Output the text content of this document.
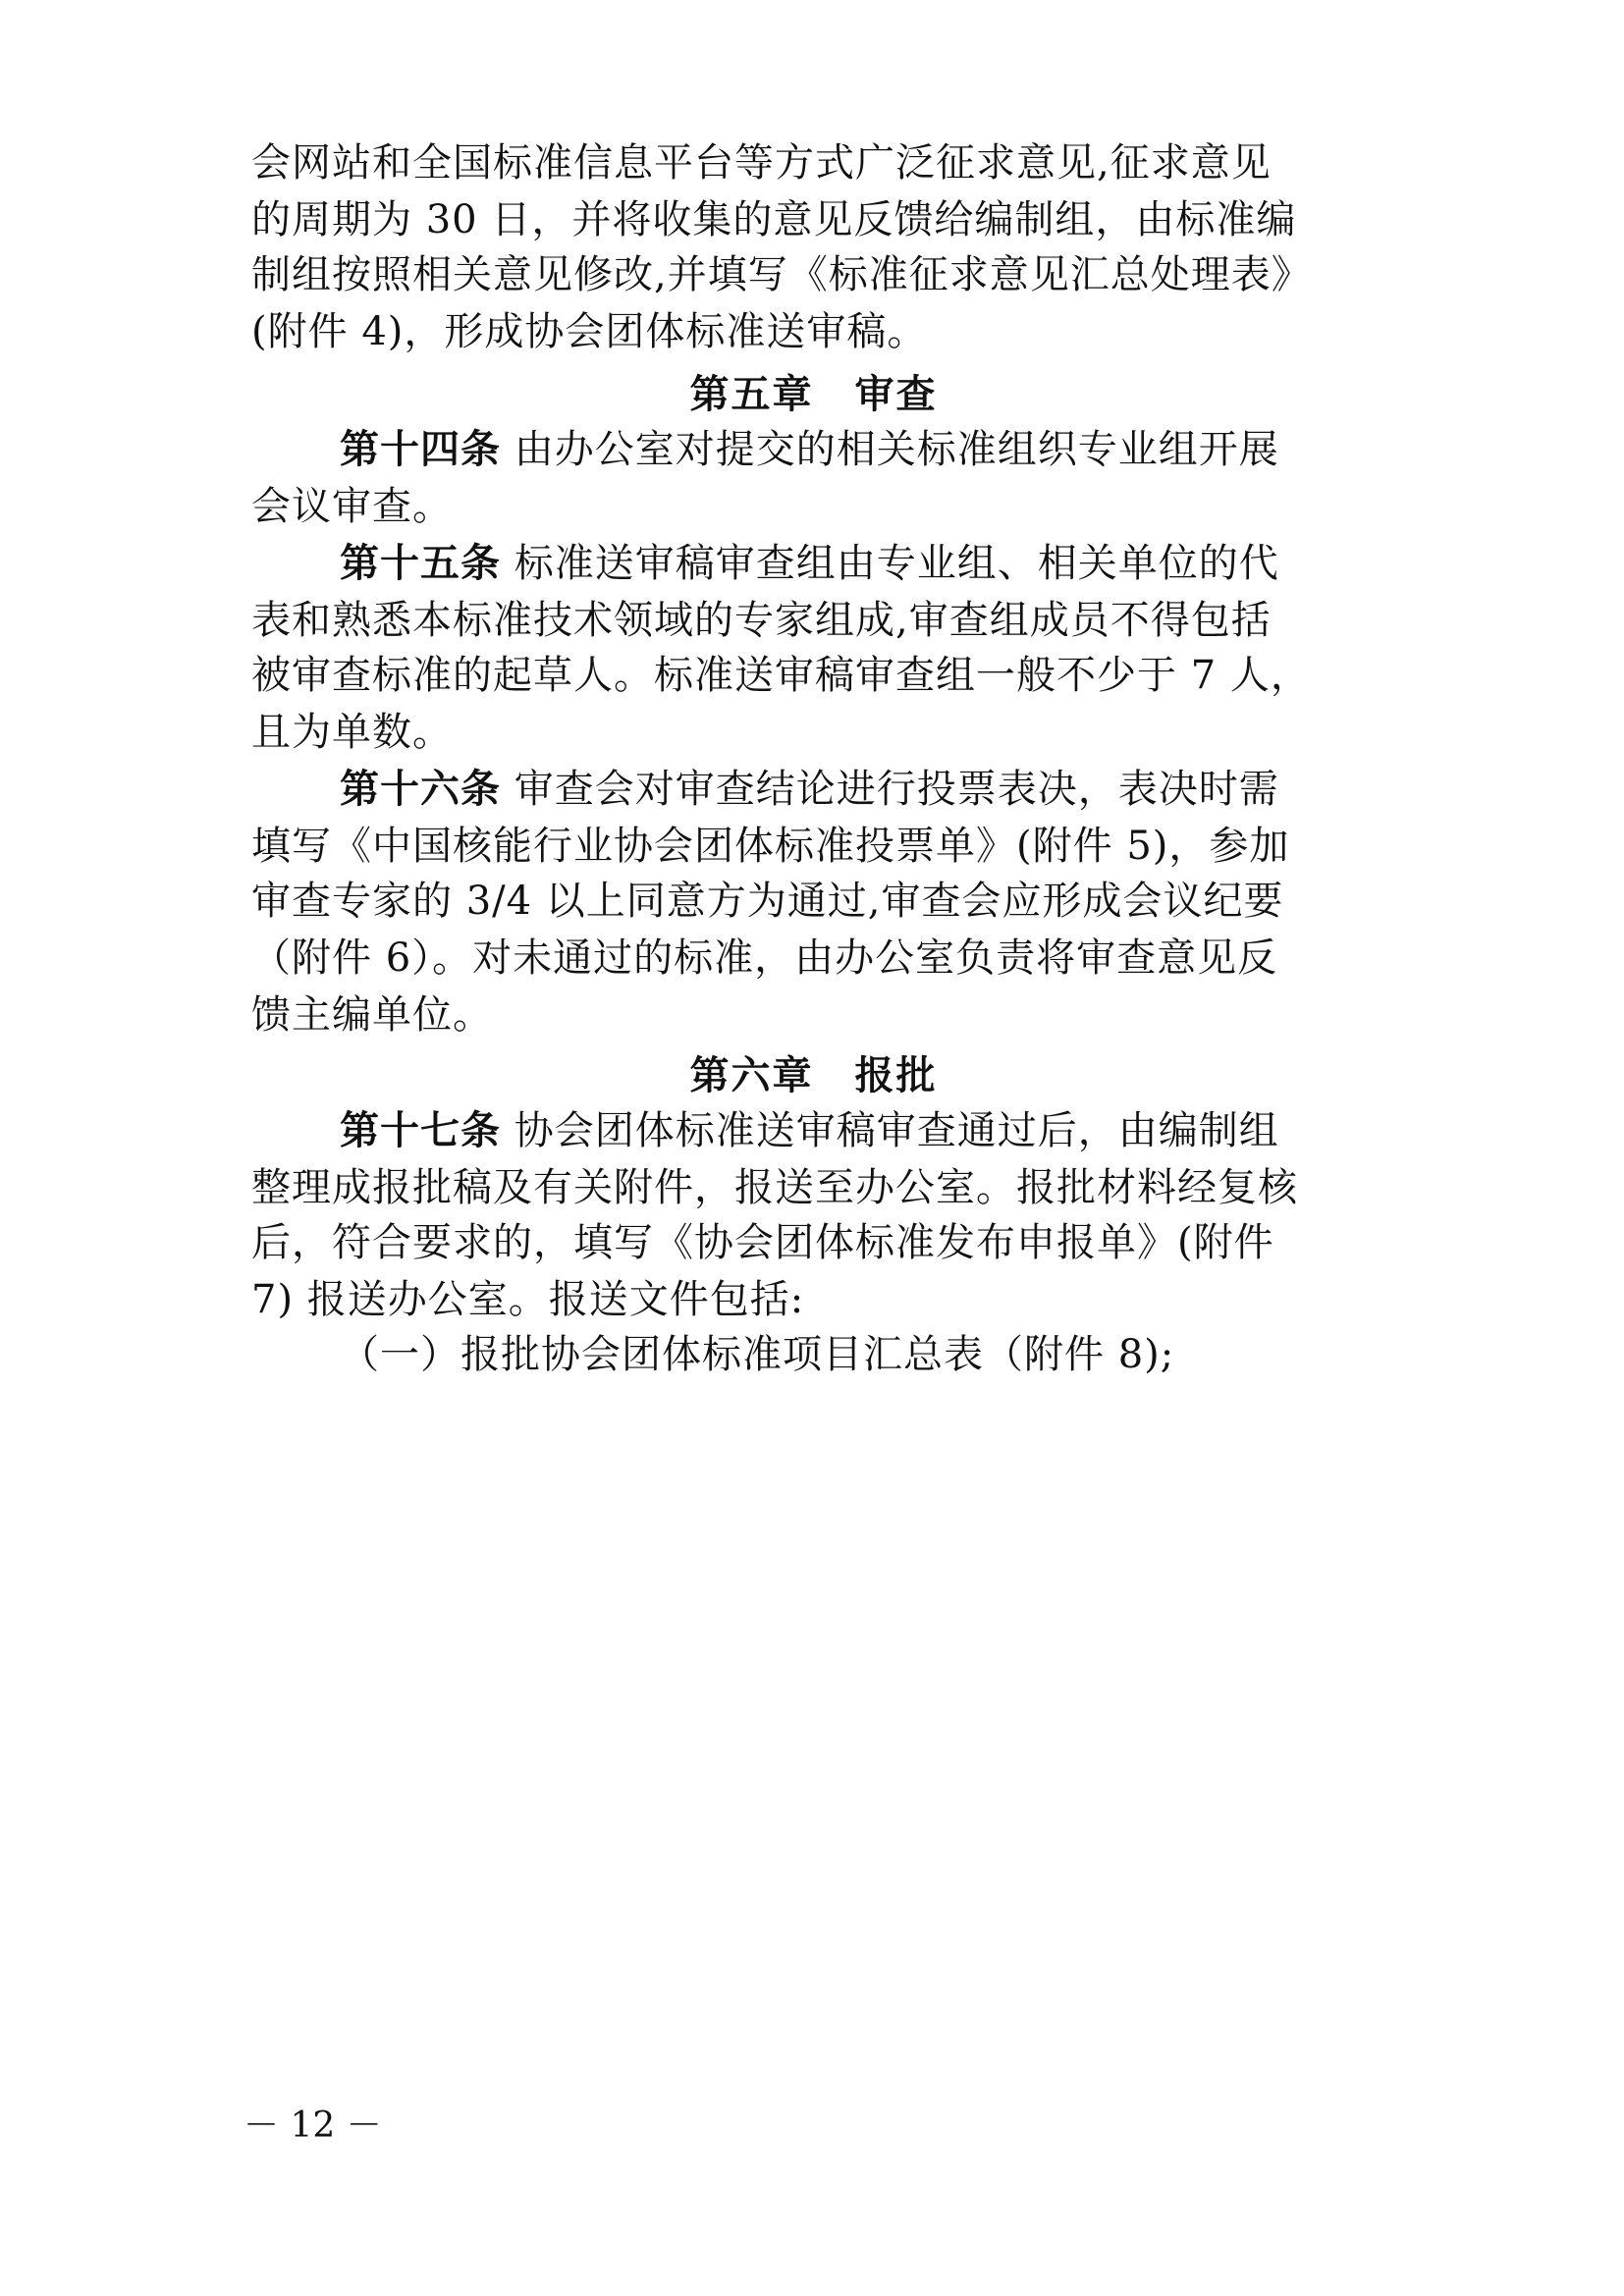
会网站和全国标准信息平台等方式广泛征求意见,征求意见
的周期为 30 日，并将收集的意见反馈给编制组，由标准编
制组按照相关意见修改,并填写《标准征求意见汇总处理表》
(附件 4)，形成协会团体标准送审稿。
第五章　审查
第十四条 由办公室对提交的相关标准组织专业组开展
会议审查。
第十五条 标准送审稿审查组由专业组、相关单位的代
表和熟悉本标准技术领域的专家组成,审查组成员不得包括
被审查标准的起草人。标准送审稿审查组一般不少于 7 人，
且为单数。
第十六条 审查会对审查结论进行投票表决，表决时需
填写《中国核能行业协会团体标准投票单》(附件 5)，参加
审查专家的 3/4 以上同意方为通过,审查会应形成会议纪要
（附件 6）。对未通过的标准，由办公室负责将审查意见反
馈主编单位。
第六章　报批
第十七条 协会团体标准送审稿审查通过后，由编制组
整理成报批稿及有关附件，报送至办公室。报批材料经复核
后，符合要求的，填写《协会团体标准发布申报单》(附件
7) 报送办公室。报送文件包括:
（一）报批协会团体标准项目汇总表（附件 8);
－ 12 －
